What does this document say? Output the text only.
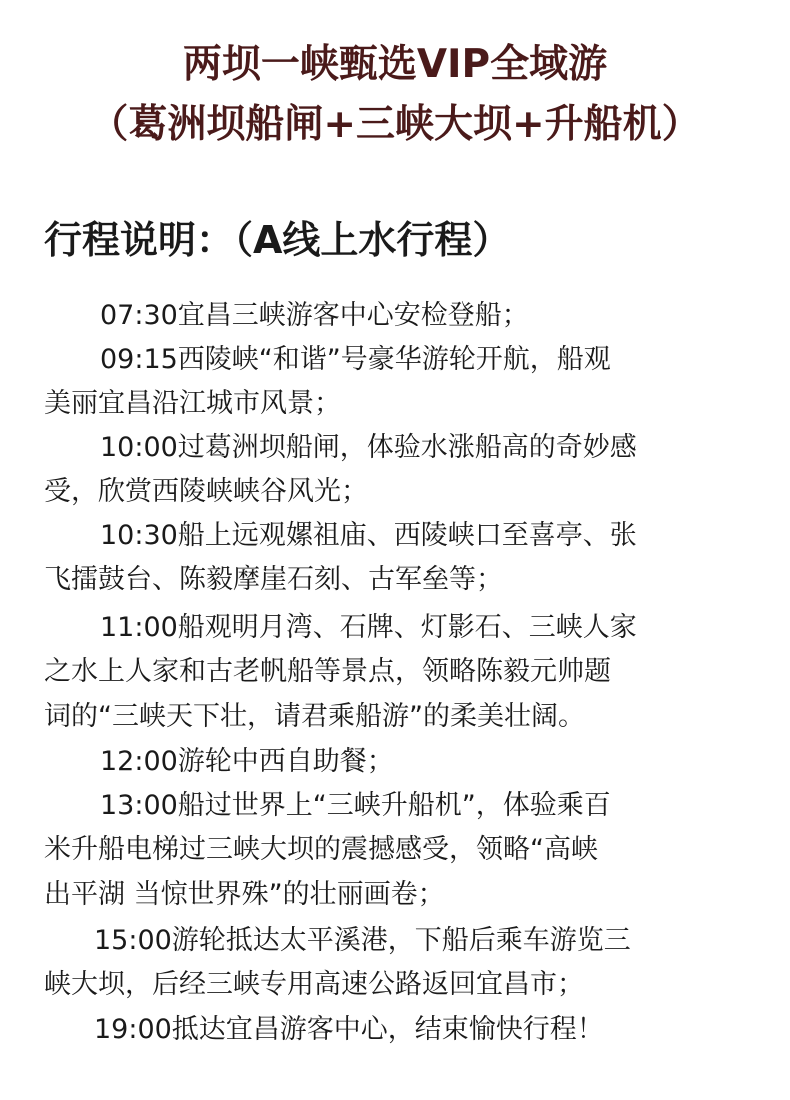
两坝一峡甄选VIP全域游
（葛洲坝船闸+三峡大坝+升船机）
行程说明：（A线上水行程）
07:30宜昌三峡游客中心安检登船；
09:15西陵峡“和谐”号豪华游轮开航，船观
美丽宜昌沿江城市风景；
10:00过葛洲坝船闸，体验水涨船高的奇妙感
受，欣赏西陵峡峡谷风光；
10:30船上远观嫘祖庙、西陵峡口至喜亭、张
飞擂鼓台、陈毅摩崖石刻、古军垒等；
11:00船观明月湾、石牌、灯影石、三峡人家
之水上人家和古老帆船等景点，领略陈毅元帅题
词的“三峡天下壮，请君乘船游”的柔美壮阔。
12:00游轮中西自助餐；
13:00船过世界上“三峡升船机”，体验乘百
米升船电梯过三峡大坝的震撼感受，领略“高峡
出平湖 当惊世界殊”的壮丽画卷；
15:00游轮抵达太平溪港，下船后乘车游览三
峡大坝，后经三峡专用高速公路返回宜昌市；
19:00抵达宜昌游客中心，结束愉快行程！
